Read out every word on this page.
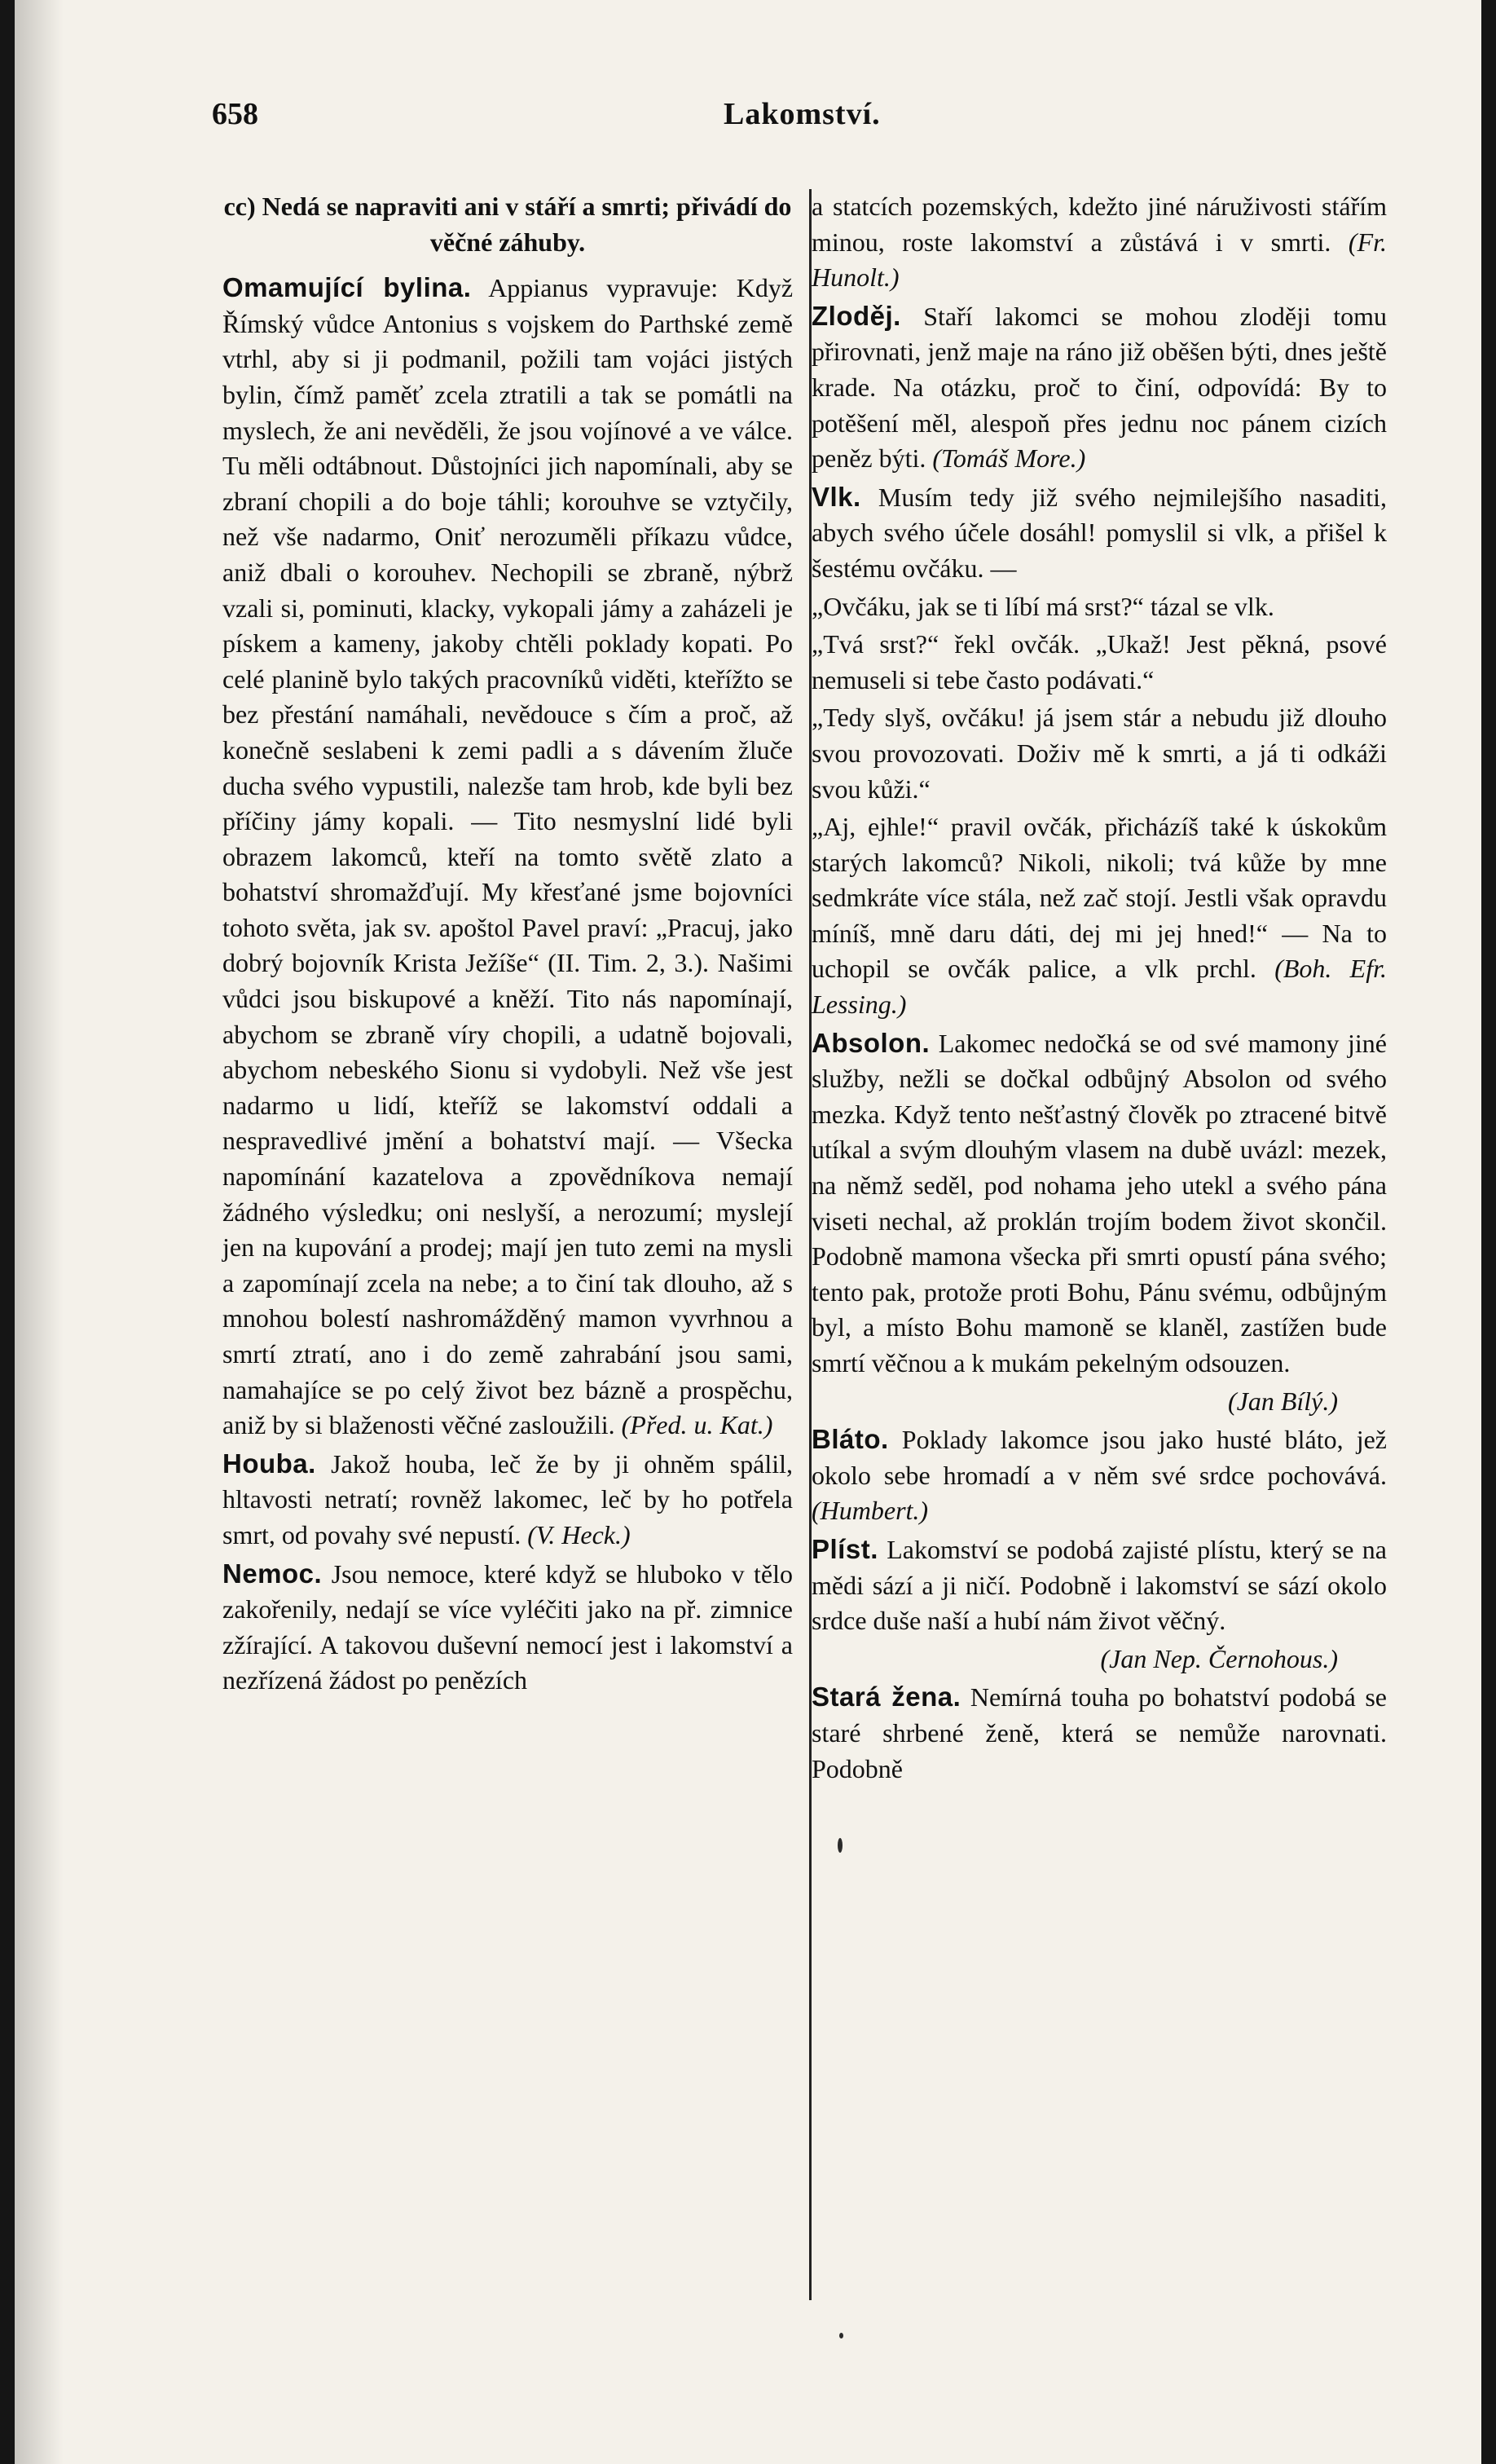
658	Lakomství.

cc) Nedá se napraviti ani v stáří a smrti; přivádí do věčné záhuby.

Omamující bylina. Appianus vypravuje: Když Římský vůdce Antonius s vojskem do Parthské země vtrhl, aby si ji podmanil, požili tam vojáci jistých bylin, čímž paměť zcela ztratili a tak se pomátli na myslech, že ani nevěděli, že jsou vojínové a ve válce. Tu měli odtábnout. Důstojníci jich napomínali, aby se zbraní chopili a do boje táhli; korouhve se vztyčily, než vše nadarmo, Oniť nerozuměli příkazu vůdce, aniž dbali o korouhev. Nechopili se zbraně, nýbrž vzali si, pominuti, klacky, vykopali jámy a zaházeli je pískem a kameny, jakoby chtěli poklady kopati. Po celé planině bylo takých pracovníků viděti, kteřížto se bez přestání namáhali, nevědouce s čím a proč, až konečně seslabeni k zemi padli a s dávením žluče ducha svého vypustili, nalezše tam hrob, kde byli bez příčiny jámy kopali. — Tito nesmyslní lidé byli obrazem lakomců, kteří na tomto světě zlato a bohatství shromažďují. My křesťané jsme bojovníci tohoto světa, jak sv. apoštol Pavel praví: „Pracuj, jako dobrý bojovník Krista Ježíše“ (II. Tim. 2, 3.). Našimi vůdci jsou biskupové a kněží. Tito nás napomínají, abychom se zbraně víry chopili, a udatně bojovali, abychom nebeského Sionu si vydobyli. Než vše jest nadarmo u lidí, kteříž se lakomství oddali a nespravedlivé jmění a bohatství mají. — Všecka napomínání kazatelova a zpovědníkova nemají žádného výsledku; oni neslyší, a nerozumí; myslejí jen na kupování a prodej; mají jen tuto zemi na mysli a zapomínají zcela na nebe; a to činí tak dlouho, až s mnohou bolestí nashromážděný mamon vyvrhnou a smrtí ztratí, ano i do země zahrabání jsou sami, namahajíce se po celý život bez bázně a prospěchu, aniž by si blaženosti věčné zasloužili. (Před. u. Kat.)

Houba. Jakož houba, leč že by ji ohněm spálil, hltavosti netratí; rovněž lakomec, leč by ho potřela smrt, od povahy své nepustí. (V. Heck.)

Nemoc. Jsou nemoce, které když se hluboko v tělo zakořenily, nedají se více vyléčiti jako na př. zimnice zžírající. A takovou duševní nemocí jest i lakomství a nezřízená žádost po penězích

a statcích pozemských, kdežto jiné náruživosti stářím minou, roste lakomství a zůstává i v smrti. (Fr. Hunolt.)

Zloděj. Staří lakomci se mohou zloději tomu přirovnati, jenž maje na ráno již oběšen býti, dnes ještě krade. Na otázku, proč to činí, odpovídá: By to potěšení měl, alespoň přes jednu noc pánem cizích peněz býti. (Tomáš More.)

Vlk. Musím tedy již svého nejmilejšího nasaditi, abych svého účele dosáhl! pomyslil si vlk, a přišel k šestému ovčáku. —

„Ovčáku, jak se ti líbí má srst?“ tázal se vlk.

„Tvá srst?“ řekl ovčák. „Ukaž! Jest pěkná, psové nemuseli si tebe často podávati.“

„Tedy slyš, ovčáku! já jsem stár a nebudu již dlouho svou provozovati. Doživ mě k smrti, a já ti odkáži svou kůži.“

„Aj, ejhle!“ pravil ovčák, přicházíš také k úskokům starých lakomců? Nikoli, nikoli; tvá kůže by mne sedmkráte více stála, než zač stojí. Jestli však opravdu míníš, mně daru dáti, dej mi jej hned!“ — Na to uchopil se ovčák palice, a vlk prchl. (Boh. Efr. Lessing.)

Absolon. Lakomec nedočká se od své mamony jiné služby, nežli se dočkal odbůjný Absolon od svého mezka. Když tento nešťastný člověk po ztracené bitvě utíkal a svým dlouhým vlasem na dubě uvázl: mezek, na němž seděl, pod nohama jeho utekl a svého pána viseti nechal, až proklán trojím bodem život skončil. Podobně mamona všecka při smrti opustí pána svého; tento pak, protože proti Bohu, Pánu svému, odbůjným byl, a místo Bohu mamoně se klaněl, zastížen bude smrtí věčnou a k mukám pekelným odsouzen.

(Jan Bílý.)

Bláto. Poklady lakomce jsou jako husté bláto, jež okolo sebe hromadí a v něm své srdce pochovává. (Humbert.)

Plíst. Lakomství se podobá zajisté plístu, který se na mědi sází a ji ničí. Podobně i lakomství se sází okolo srdce duše naší a hubí nám život věčný.

(Jan Nep. Černohous.)

Stará žena. Nemírná touha po bohatství podobá se staré shrbené ženě, která se nemůže narovnati. Podobně
